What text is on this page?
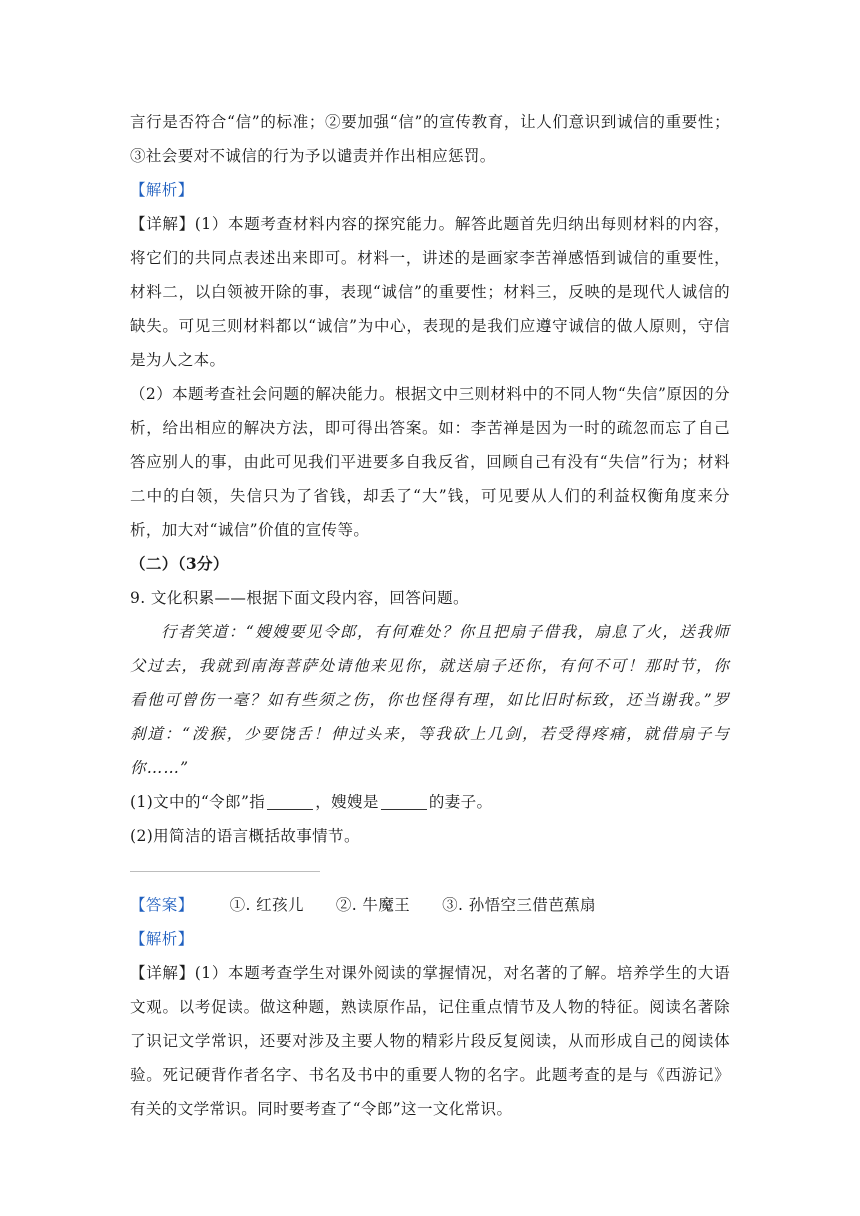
言行是否符合“信”的标准；②要加强“信”的宣传教育，让人们意识到诚信的重要性；③社会要对不诚信的行为予以谴责并作出相应惩罚。

【解析】

【详解】(1）本题考查材料内容的探究能力。解答此题首先归纳出每则材料的内容，将它们的共同点表述出来即可。材料一，讲述的是画家李苦禅感悟到诚信的重要性，材料二，以白领被开除的事，表现“诚信”的重要性；材料三，反映的是现代人诚信的缺失。可见三则材料都以“诚信”为中心，表现的是我们应遵守诚信的做人原则，守信是为人之本。

（2）本题考查社会问题的解决能力。根据文中三则材料中的不同人物“失信”原因的分析，给出相应的解决方法，即可得出答案。如：李苦禅是因为一时的疏忽而忘了自己答应别人的事，由此可见我们平进要多自我反省，回顾自己有没有“失信”行为；材料二中的白领，失信只为了省钱，却丢了“大”钱，可见要从人们的利益权衡角度来分析，加大对“诚信”价值的宣传等。

（二）（3分）

9. 文化积累——根据下面文段内容，回答问题。

行者笑道：“嫂嫂要见令郎，有何难处？你且把扇子借我，扇息了火，送我师父过去，我就到南海菩萨处请他来见你，就送扇子还你，有何不可！那时节，你看他可曾伤一毫？如有些须之伤，你也怪得有理，如比旧时标致，还当谢我。”罗刹道：“泼猴，少要饶舌！伸过头来，等我砍上几剑，若受得疼痛，就借扇子与你……”

(1)文中的“令郎”指	，嫂嫂是	的妻子。

(2)用简洁的语言概括故事情节。

【答案】 ①. 红孩儿 ②. 牛魔王 ③. 孙悟空三借芭蕉扇

【解析】

【详解】(1）本题考查学生对课外阅读的掌握情况，对名著的了解。培养学生的大语文观。以考促读。做这种题，熟读原作品，记住重点情节及人物的特征。阅读名著除了识记文学常识，还要对涉及主要人物的精彩片段反复阅读，从而形成自己的阅读体验。死记硬背作者名字、书名及书中的重要人物的名字。此题考查的是与《西游记》有关的文学常识。同时要考查了“令郎”这一文化常识。
